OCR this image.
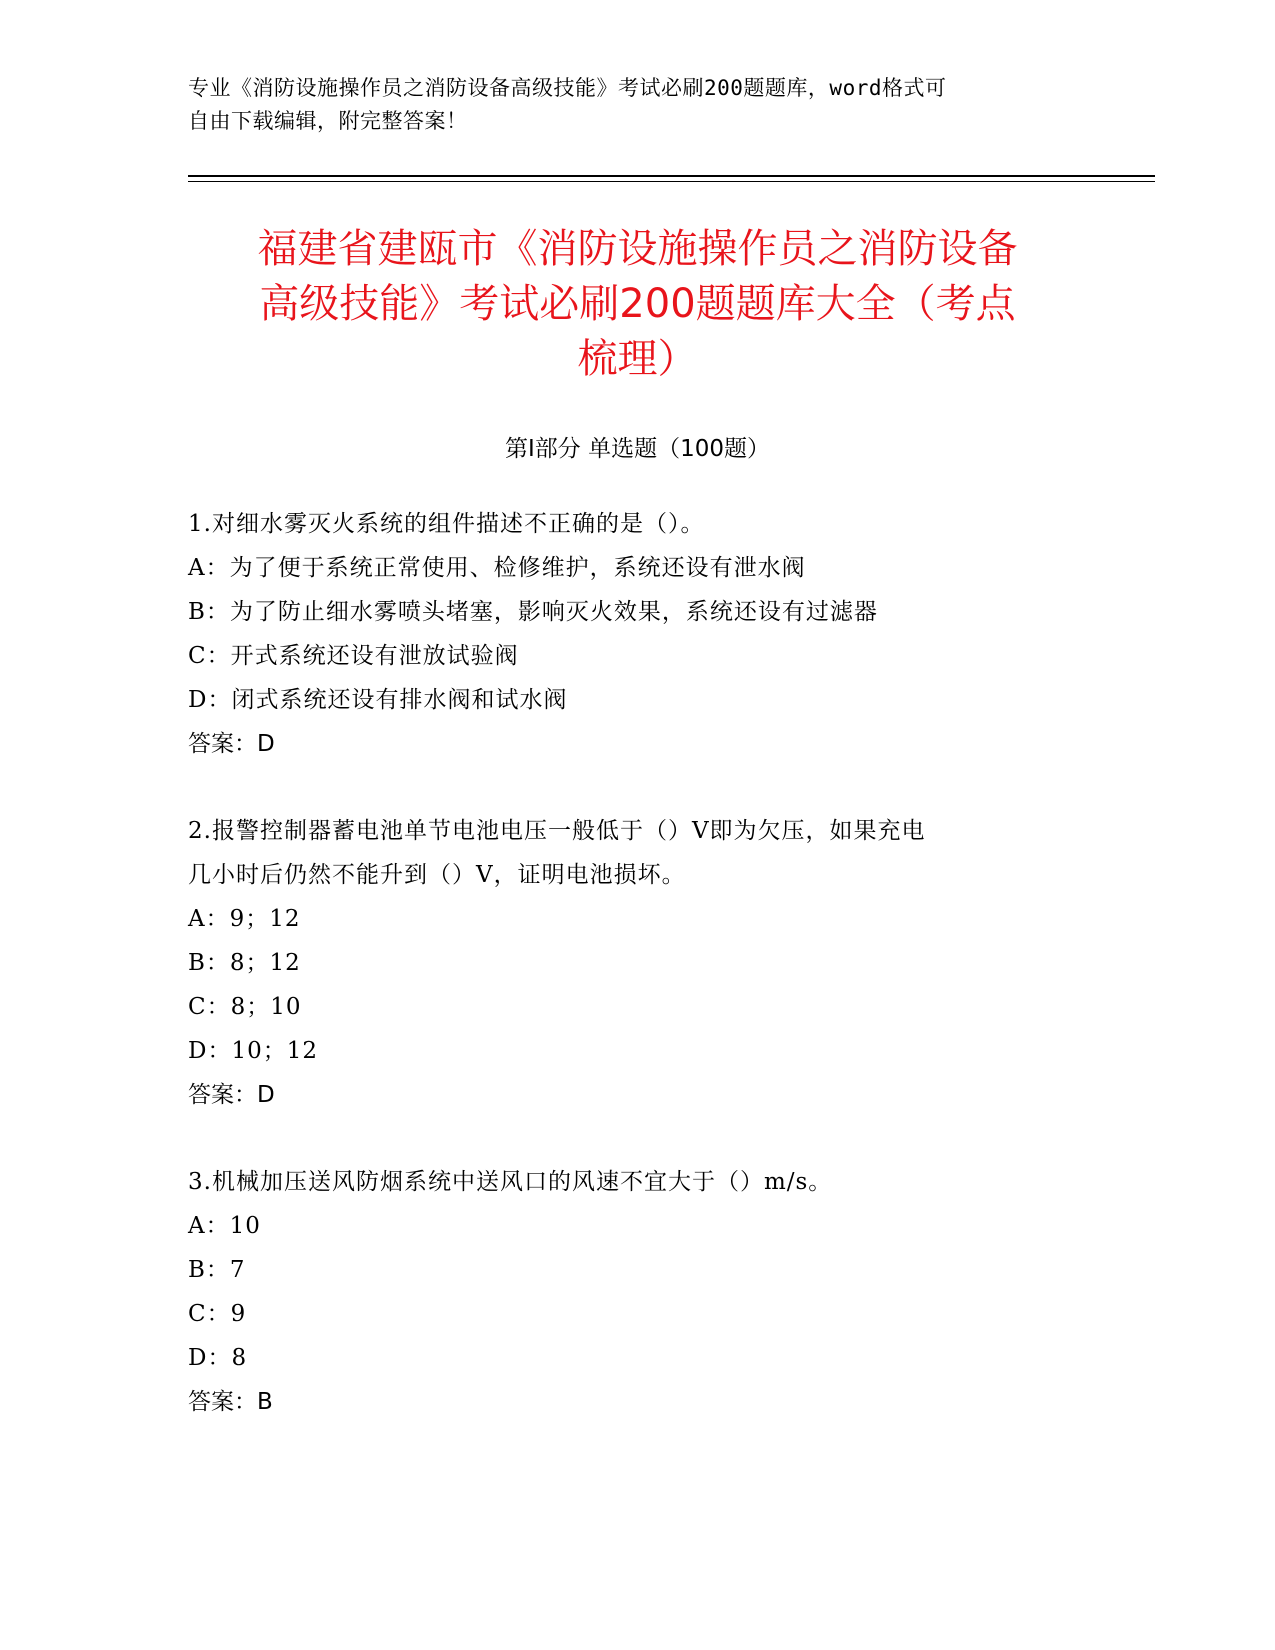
专业《消防设施操作员之消防设备高级技能》考试必刷200题题库，word格式可
自由下载编辑，附完整答案！
福建省建瓯市《消防设施操作员之消防设备
高级技能》考试必刷200题题库大全（考点
梳理）
第Ⅰ部分 单选题（100题）
1.对细水雾灭火系统的组件描述不正确的是（）。
A：为了便于系统正常使用、检修维护，系统还设有泄水阀
B：为了防止细水雾喷头堵塞，影响灭火效果，系统还设有过滤器
C：开式系统还设有泄放试验阀
D：闭式系统还设有排水阀和试水阀
答案：D
2.报警控制器蓄电池单节电池电压一般低于（）V即为欠压，如果充电
几小时后仍然不能升到（）V，证明电池损坏。
A：9；12
B：8；12
C：8；10
D：10；12
答案：D
3.机械加压送风防烟系统中送风口的风速不宜大于（）m/s。
A：10
B：7
C：9
D：8
答案：B
